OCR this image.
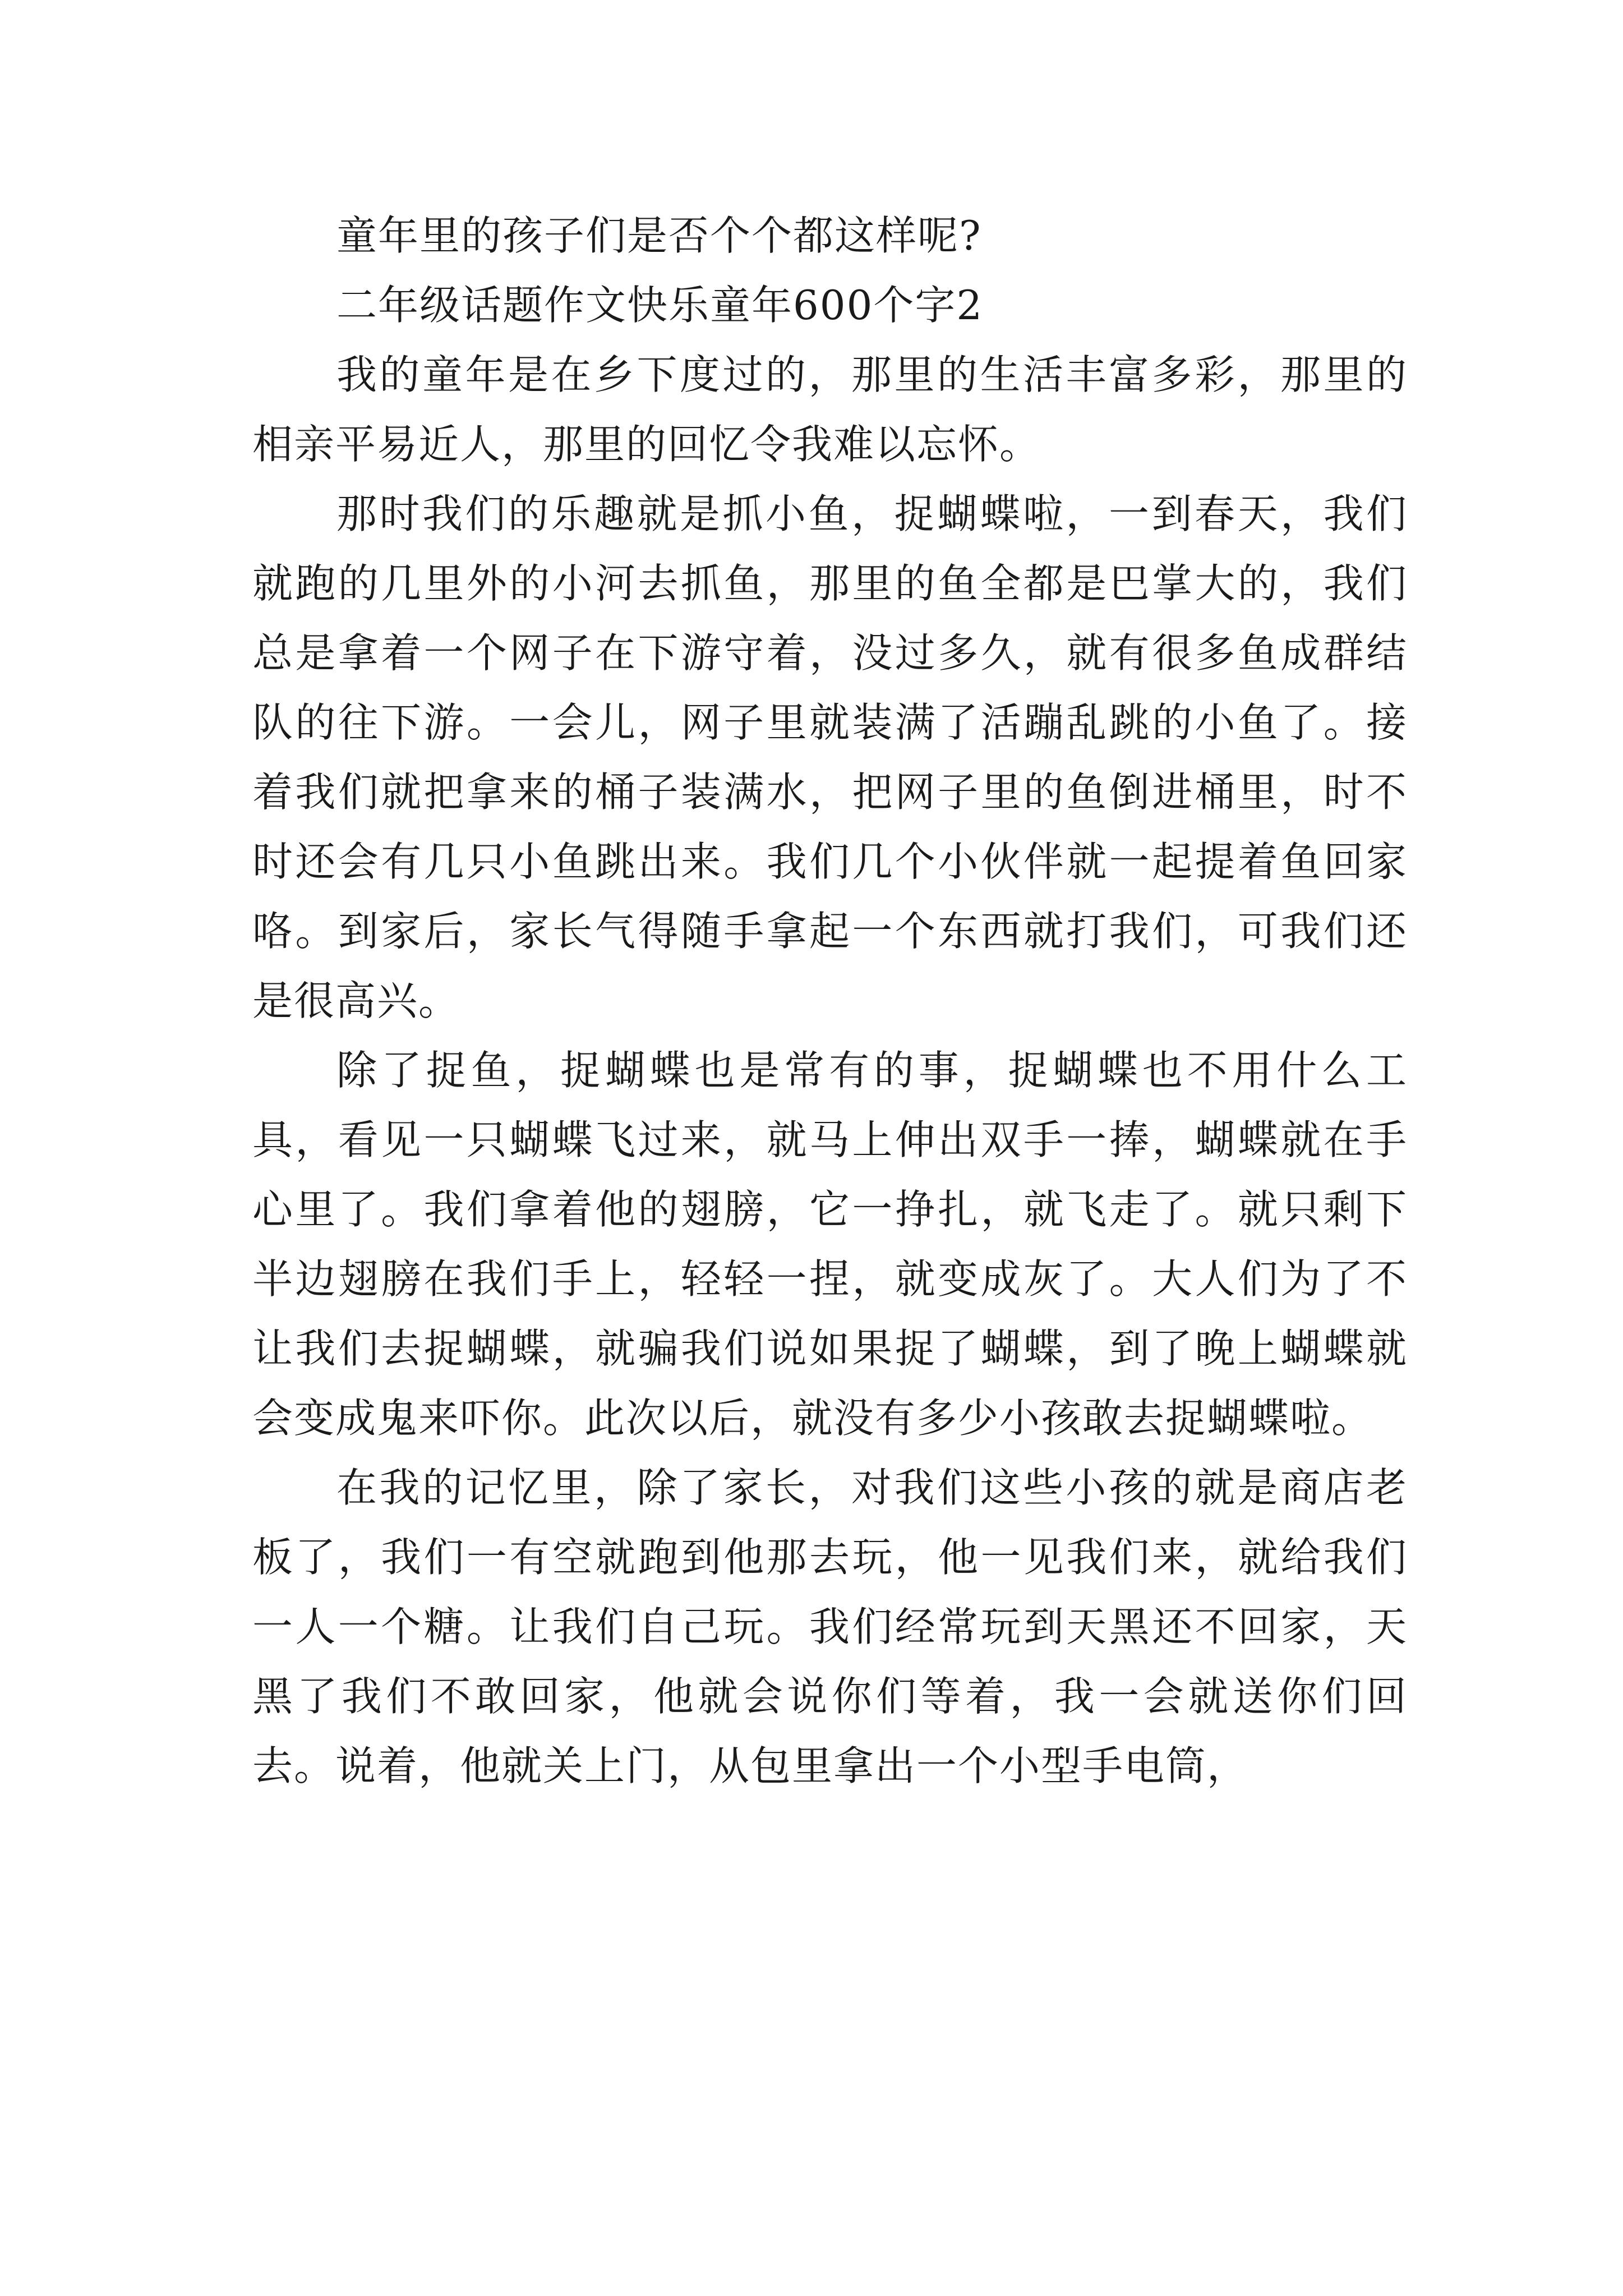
童年里的孩子们是否个个都这样呢?

二年级话题作文快乐童年600个字2

我的童年是在乡下度过的，那里的生活丰富多彩，那里的相亲平易近人，那里的回忆令我难以忘怀。

那时我们的乐趣就是抓小鱼，捉蝴蝶啦，一到春天，我们就跑的几里外的小河去抓鱼，那里的鱼全都是巴掌大的，我们总是拿着一个网子在下游守着，没过多久，就有很多鱼成群结队的往下游。一会儿，网子里就装满了活蹦乱跳的小鱼了。接着我们就把拿来的桶子装满水，把网子里的鱼倒进桶里，时不时还会有几只小鱼跳出来。我们几个小伙伴就一起提着鱼回家咯。到家后，家长气得随手拿起一个东西就打我们，可我们还是很高兴。

除了捉鱼，捉蝴蝶也是常有的事，捉蝴蝶也不用什么工具，看见一只蝴蝶飞过来，就马上伸出双手一捧，蝴蝶就在手心里了。我们拿着他的翅膀，它一挣扎，就飞走了。就只剩下半边翅膀在我们手上，轻轻一捏，就变成灰了。大人们为了不让我们去捉蝴蝶，就骗我们说如果捉了蝴蝶，到了晚上蝴蝶就会变成鬼来吓你。此次以后，就没有多少小孩敢去捉蝴蝶啦。

在我的记忆里，除了家长，对我们这些小孩的就是商店老板了，我们一有空就跑到他那去玩，他一见我们来，就给我们一人一个糖。让我们自己玩。我们经常玩到天黑还不回家，天黑了我们不敢回家，他就会说你们等着，我一会就送你们回去。说着，他就关上门，从包里拿出一个小型手电筒，
